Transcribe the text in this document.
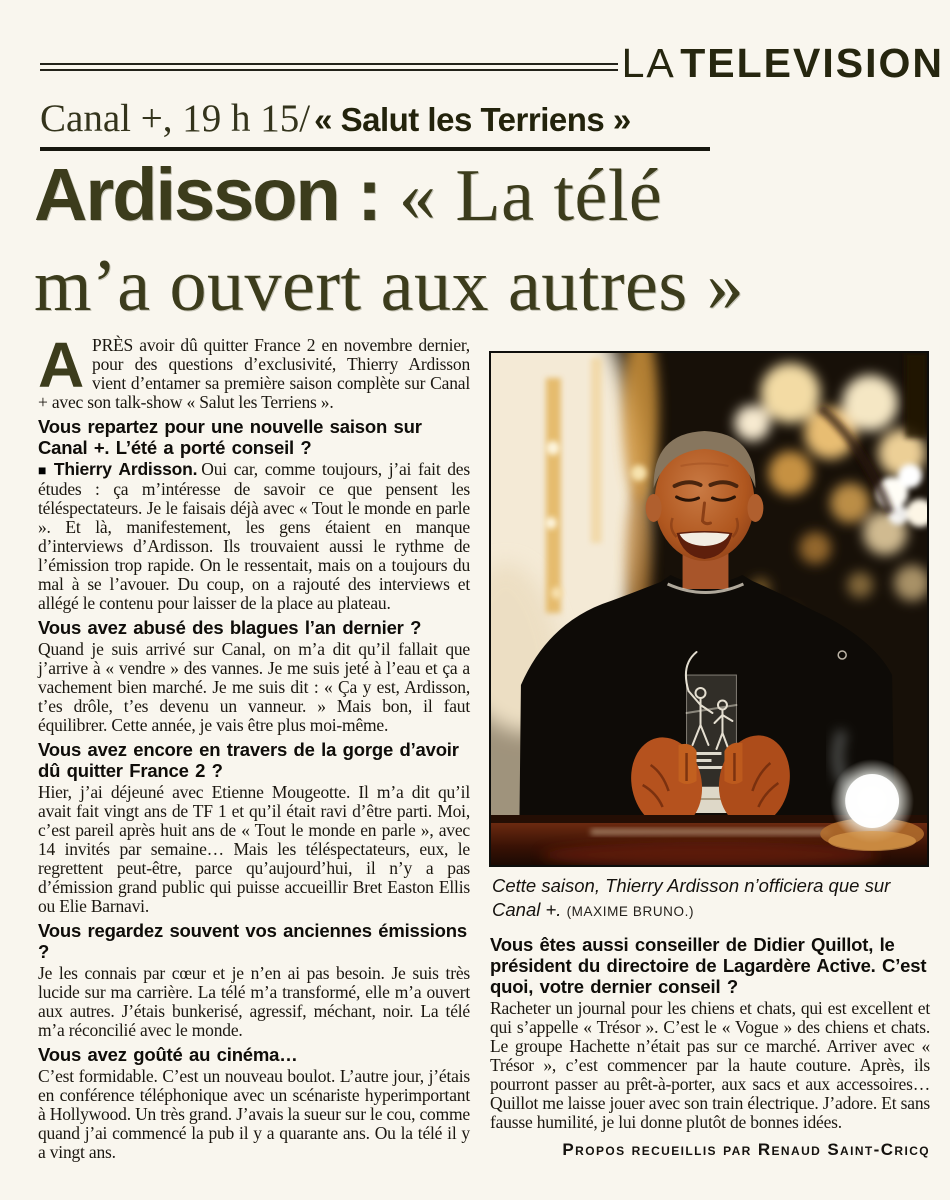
LA TELEVISION
Canal +, 19 h 15/ « Salut les Terriens »
Ardisson : « La télé
m’a ouvert aux autres »

APRÈS avoir dû quitter France 2 en novembre dernier, pour des questions d’exclusivité, Thierry Ardisson vient d’entamer sa première saison complète sur Canal + avec son talk-show « Salut les Terriens ».

Vous repartez pour une nouvelle saison sur Canal +. L’été a porté conseil ?

■ Thierry Ardisson. Oui car, comme toujours, j’ai fait des études : ça m’intéresse de savoir ce que pensent les téléspectateurs. Je le faisais déjà avec « Tout le monde en parle ». Et là, manifestement, les gens étaient en manque d’interviews d’Ardisson. Ils trouvaient aussi le rythme de l’émission trop rapide. On le ressentait, mais on a toujours du mal à se l’avouer. Du coup, on a rajouté des interviews et allégé le contenu pour laisser de la place au plateau.

Vous avez abusé des blagues l’an dernier ?

Quand je suis arrivé sur Canal, on m’a dit qu’il fallait que j’arrive à « vendre » des vannes. Je me suis jeté à l’eau et ça a vachement bien marché. Je me suis dit : « Ça y est, Ardisson, t’es drôle, t’es devenu un vanneur. » Mais bon, il faut équilibrer. Cette année, je vais être plus moi-même.

Vous avez encore en travers de la gorge d’avoir dû quitter France 2 ?

Hier, j’ai déjeuné avec Etienne Mougeotte. Il m’a dit qu’il avait fait vingt ans de TF 1 et qu’il était ravi d’être parti. Moi, c’est pareil après huit ans de « Tout le monde en parle », avec 14 invités par semaine… Mais les téléspectateurs, eux, le regrettent peut-être, parce qu’aujourd’hui, il n’y a pas d’émission grand public qui puisse accueillir Bret Easton Ellis ou Elie Barnavi.

Vous regardez souvent vos anciennes émissions ?

Je les connais par cœur et je n’en ai pas besoin. Je suis très lucide sur ma carrière. La télé m’a transformé, elle m’a ouvert aux autres. J’étais bunkerisé, agressif, méchant, noir. La télé m’a réconcilié avec le monde.

Vous avez goûté au cinéma…

C’est formidable. C’est un nouveau boulot. L’autre jour, j’étais en conférence téléphonique avec un scénariste hyperimportant à Hollywood. Un très grand. J’avais la sueur sur le cou, comme quand j’ai commencé la pub il y a quarante ans. Ou la télé il y a vingt ans.

Cette saison, Thierry Ardisson n’officiera que sur Canal +. (MAXIME BRUNO.)

Vous êtes aussi conseiller de Didier Quillot, le président du directoire de Lagardère Active. C’est quoi, votre dernier conseil ?

Racheter un journal pour les chiens et chats, qui est excellent et qui s’appelle « Trésor ». C’est le « Vogue » des chiens et chats. Le groupe Hachette n’était pas sur ce marché. Arriver avec « Trésor », c’est commencer par la haute couture. Après, ils pourront passer au prêt-à-porter, aux sacs et aux accessoires… Quillot me laisse jouer avec son train électrique. J’adore. Et sans fausse humilité, je lui donne plutôt de bonnes idées.

Propos recueillis par Renaud Saint-Cricq
